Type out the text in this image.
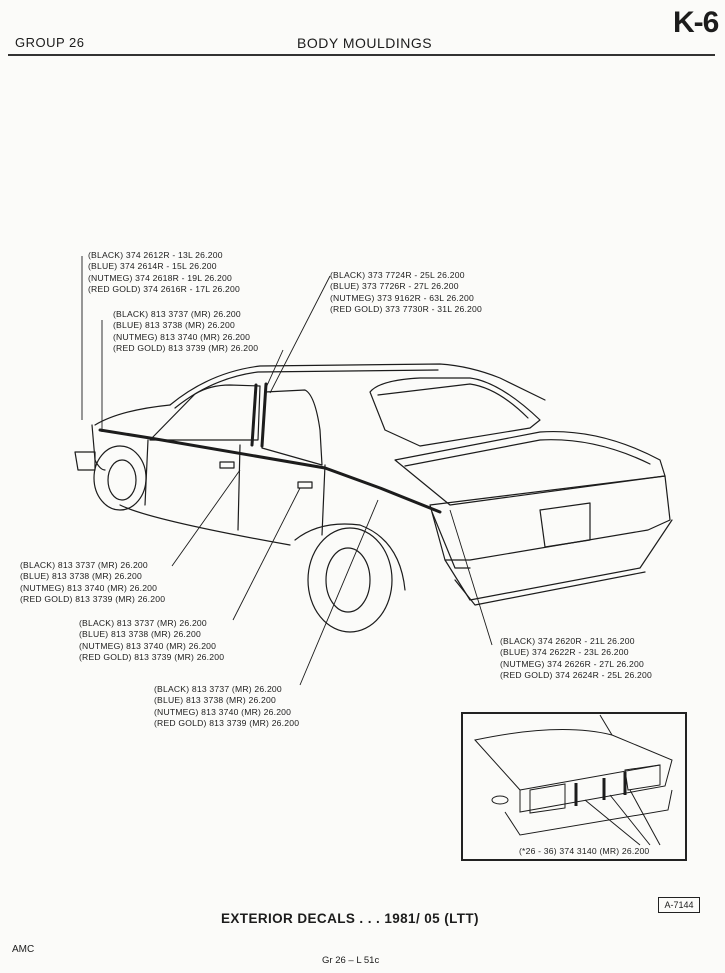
GROUP 26	BODY MOULDINGS
K-6
(BLACK) 374 2612R - 13L 26.200
(BLUE) 374 2614R - 15L 26.200
(NUTMEG) 374 2618R - 19L 26.200
(RED GOLD) 374 2616R - 17L 26.200
(BLACK) 813 3737 (MR) 26.200
(BLUE) 813 3738 (MR) 26.200
(NUTMEG) 813 3740 (MR) 26.200
(RED GOLD) 813 3739 (MR) 26.200
(BLACK) 373 7724R - 25L 26.200
(BLUE) 373 7726R - 27L 26.200
(NUTMEG) 373 9162R - 63L 26.200
(RED GOLD) 373 7730R - 31L 26.200
(BLACK) 813 3737 (MR) 26.200
(BLUE) 813 3738 (MR) 26.200
(NUTMEG) 813 3740 (MR) 26.200
(RED GOLD) 813 3739 (MR) 26.200
(BLACK) 813 3737 (MR) 26.200
(BLUE) 813 3738 (MR) 26.200
(NUTMEG) 813 3740 (MR) 26.200
(RED GOLD) 813 3739 (MR) 26.200
(BLACK) 813 3737 (MR) 26.200
(BLUE) 813 3738 (MR) 26.200
(NUTMEG) 813 3740 (MR) 26.200
(RED GOLD) 813 3739 (MR) 26.200
(BLACK) 374 2620R - 21L 26.200
(BLUE) 374 2622R - 23L 26.200
(NUTMEG) 374 2626R - 27L 26.200
(RED GOLD) 374 2624R - 25L 26.200
(*26 - 36) 374 3140 (MR) 26.200
A-7144
EXTERIOR DECALS . . . 1981/ 05 (LTT)
AMC
Gr 26 – L 51c
